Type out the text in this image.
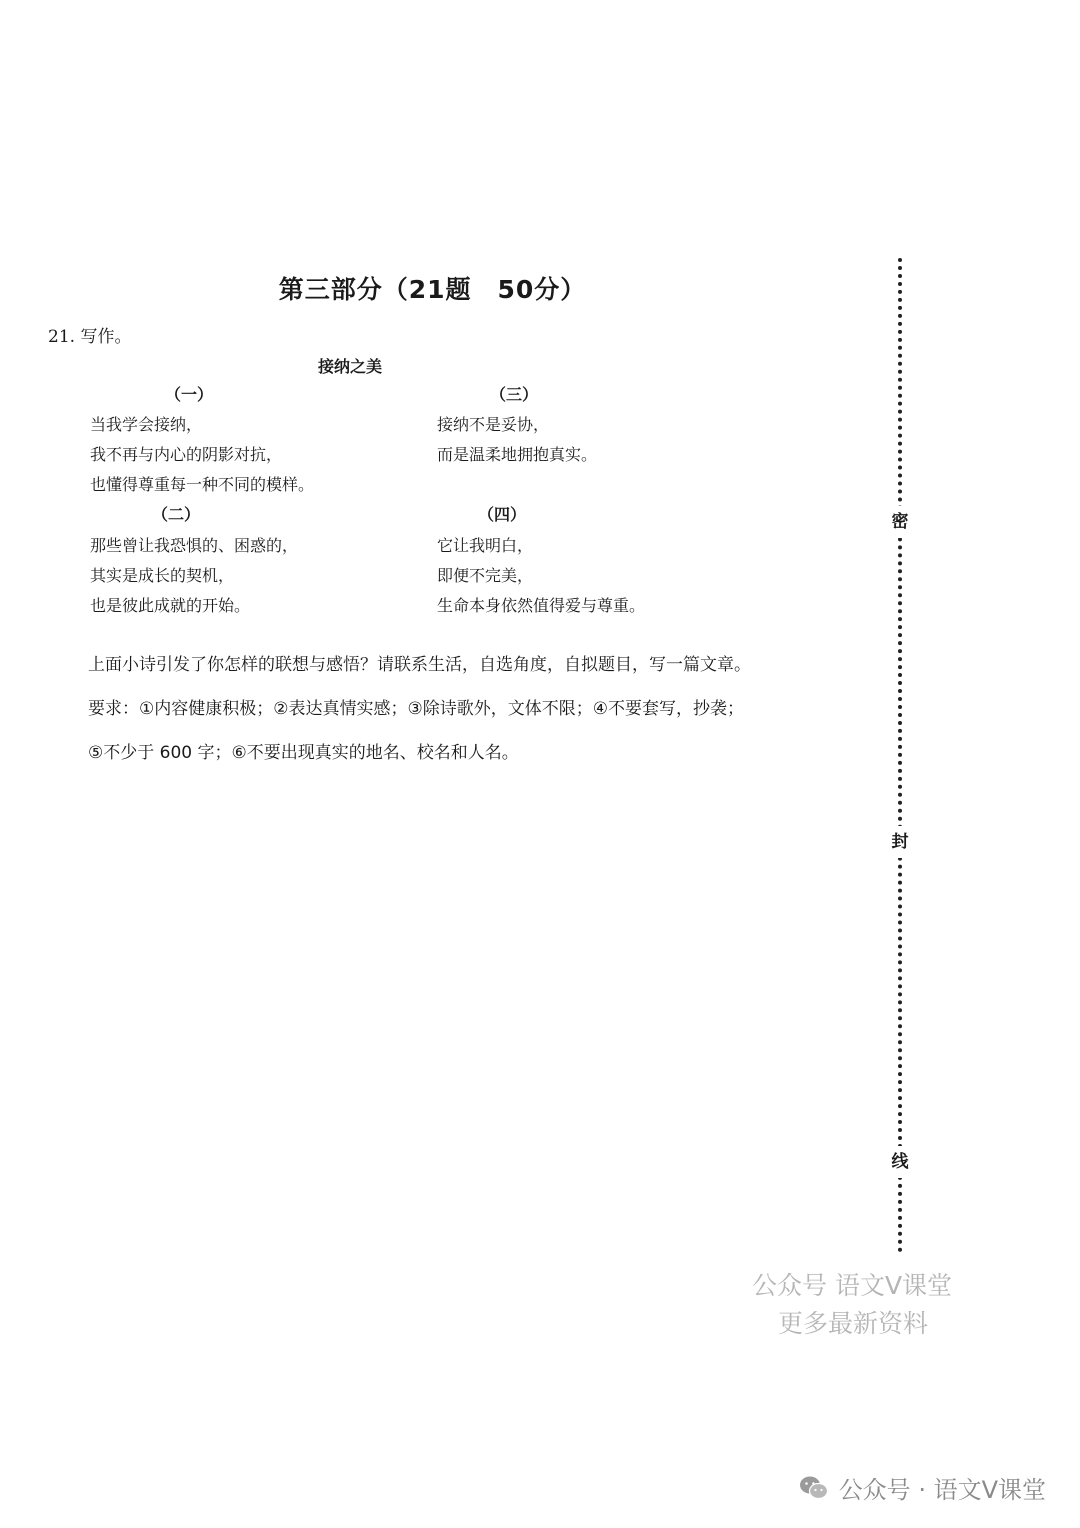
第三部分（21题　50分）
21. 写作。
接纳之美
（一）
当我学会接纳，
我不再与内心的阴影对抗，
也懂得尊重每一种不同的模样。
（二）
那些曾让我恐惧的、困惑的，
其实是成长的契机，
也是彼此成就的开始。
（三）
接纳不是妥协，
而是温柔地拥抱真实。
（四）
它让我明白，
即便不完美，
生命本身依然值得爱与尊重。
上面小诗引发了你怎样的联想与感悟？请联系生活，自选角度，自拟题目，写一篇文章。
要求：①内容健康积极；②表达真情实感；③除诗歌外，文体不限；④不要套写，抄袭；
⑤不少于 600 字；⑥不要出现真实的地名、校名和人名。
密
封
线
公众号 语文V课堂
更多最新资料
公众号 · 语文V课堂
